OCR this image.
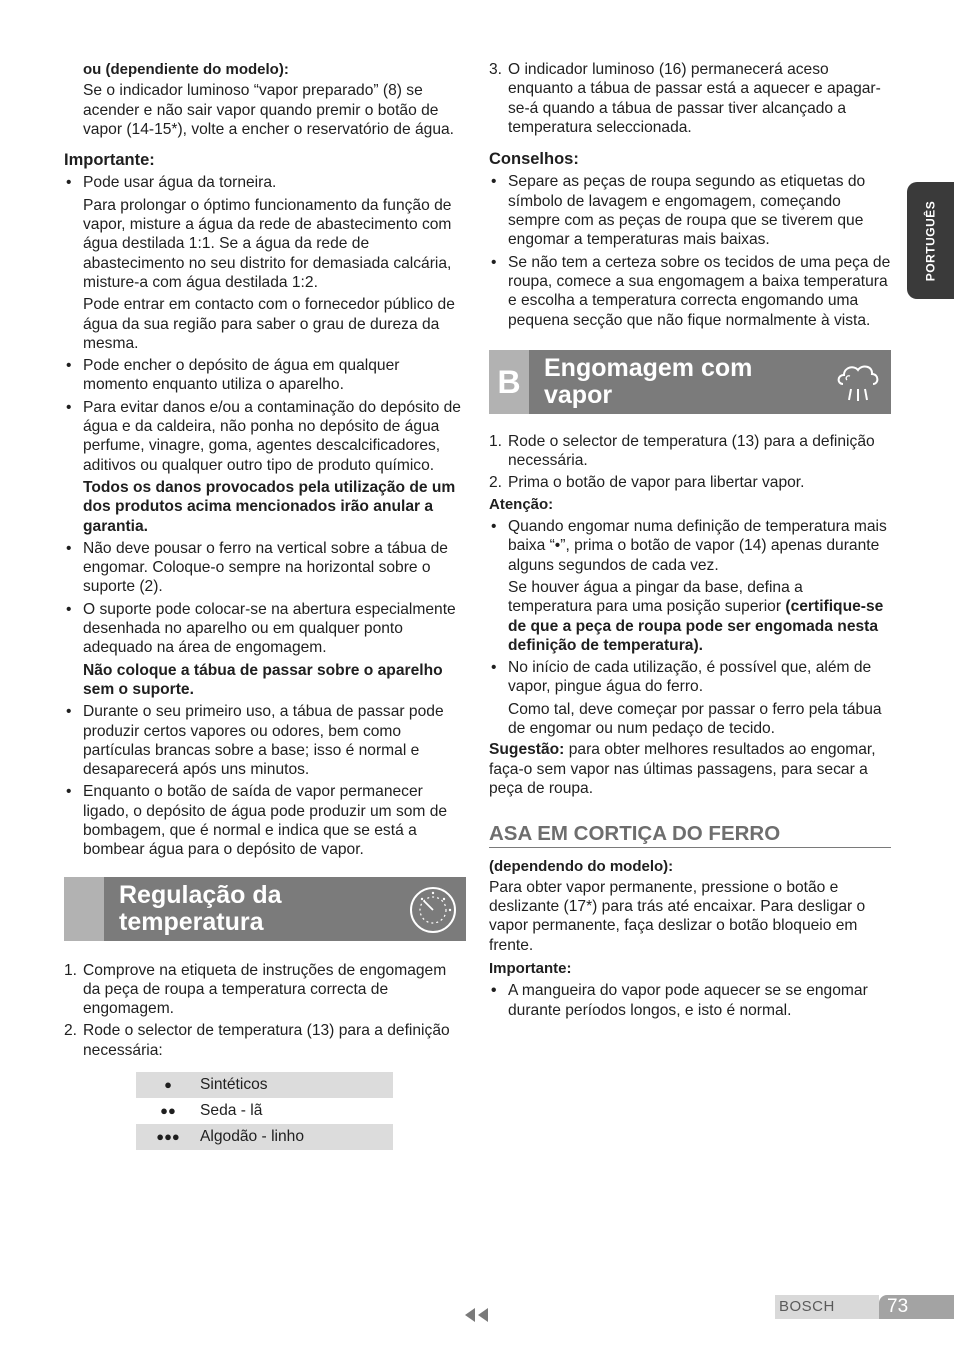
ou (dependiente do modelo):

Se o indicador luminoso “vapor preparado” (8) se acender e não sair vapor quando premir o botão de vapor (14-15*), volte a encher o reservatório de água.

Importante:

• Pode usar água da torneira.
Para prolongar o óptimo funcionamento da função de vapor, misture a água da rede de abastecimento com água destilada 1:1. Se a água da rede de abastecimento no seu distrito for demasiada calcária, misture-a com água destilada 1:2.
Pode entrar em contacto com o fornecedor público de água da sua região para saber o grau de dureza da mesma.
• Pode encher o depósito de água em qualquer momento enquanto utiliza o aparelho.
• Para evitar danos e/ou a contaminação do depósito de água e da caldeira, não ponha no depósito de água perfume, vinagre, goma, agentes descalcificadores, aditivos ou qualquer outro tipo de produto químico.
Todos os danos provocados pela utilização de um dos produtos acima mencionados irão anular a garantia.
• Não deve pousar o ferro na vertical sobre a tábua de engomar. Coloque-o sempre na horizontal sobre o suporte (2).
• O suporte pode colocar-se na abertura especialmente desenhada no aparelho ou em qualquer ponto adequado na área de engomagem.
Não coloque a tábua de passar sobre o aparelho sem o suporte.
• Durante o seu primeiro uso, a tábua de passar pode produzir certos vapores ou odores, bem como partículas brancas sobre a base; isso é normal e desaparecerá após uns minutos.
• Enquanto o botão de saída de vapor permanecer ligado, o depósito de água pode produzir um som de bombagem, que é normal e indica que se está a bombear água para o depósito de vapor.
Regulação da temperatura
1. Comprove na etiqueta de instruções de engomagem da peça de roupa a temperatura correcta de engomagem.
2. Rode o selector de temperatura (13) para a definição necessária:
●	Sintéticos
●●	Seda - lã
●●●	Algodão - linho
3. O indicador luminoso (16) permanecerá aceso enquanto a tábua de passar está a aquecer e apagar-se-á quando a tábua de passar tiver alcançado a temperatura seleccionada.

Conselhos:

• Separe as peças de roupa segundo as etiquetas do símbolo de lavagem e engomagem, começando sempre com as peças de roupa que se tiverem que engomar a temperaturas mais baixas.
• Se não tem a certeza sobre os tecidos de uma peça de roupa, comece a sua engomagem a baixa temperatura e escolha a temperatura correcta engomando uma pequena secção que não fique normalmente à vista.
B Engomagem com vapor
1. Rode o selector de temperatura (13) para a definição necessária.
2. Prima o botão de vapor para libertar vapor.

Atenção:

• Quando engomar numa definição de temperatura mais baixa “•”, prima o botão de vapor (14) apenas durante alguns segundos de cada vez.
Se houver água a pingar da base, defina a temperatura para uma posição superior (certifique-se de que a peça de roupa pode ser engomada nesta definição de temperatura).
• No início de cada utilização, é possível que, além de vapor, pingue água do ferro.
Como tal, deve começar por passar o ferro pela tábua de engomar ou num pedaço de tecido.

Sugestão: para obter melhores resultados ao engomar, faça-o sem vapor nas últimas passagens, para secar a peça de roupa.

ASA EM CORTIÇA DO FERRO

(dependendo do modelo):

Para obter vapor permanente, pressione o botão e deslizante (17*) para trás até encaixar. Para desligar o vapor permanente, faça deslizar o botão bloqueio em frente.

Importante:

• A mangueira do vapor pode aquecer se se engomar durante períodos longos, e isto é normal.
PORTUGUÊS
BOSCH	73
